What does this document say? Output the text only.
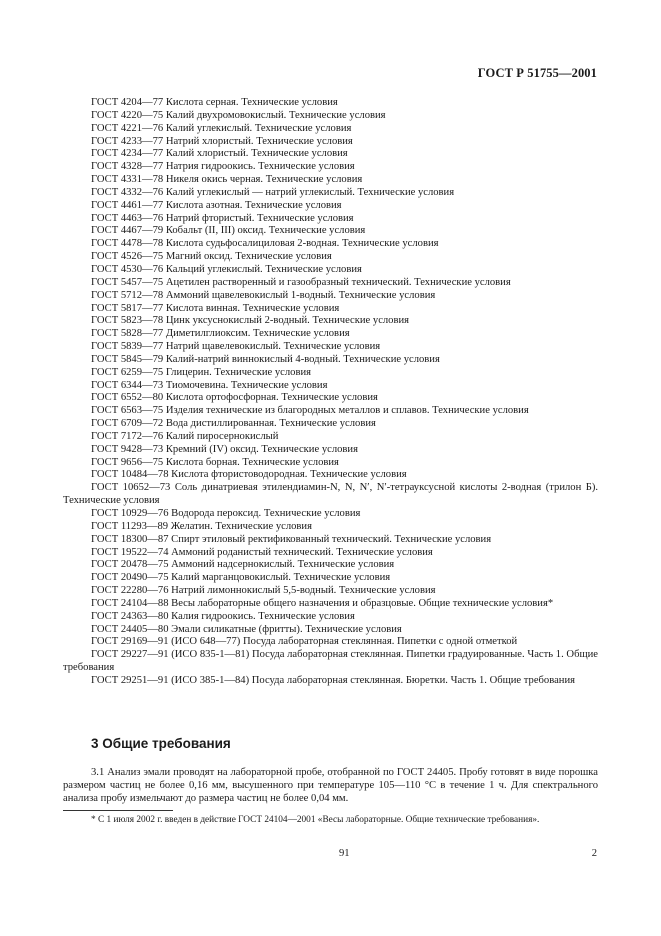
ГОСТ Р 51755—2001

ГОСТ 4204—77 Кислота серная. Технические условия

ГОСТ 4220—75 Калий двухромовокислый. Технические условия

ГОСТ 4221—76 Калий углекислый. Технические условия

ГОСТ 4233—77 Натрий хлористый. Технические условия

ГОСТ 4234—77 Калий хлористый. Технические условия

ГОСТ 4328—77 Натрия гидроокись. Технические условия

ГОСТ 4331—78 Никеля окись черная. Технические условия

ГОСТ 4332—76 Калий углекислый — натрий углекислый. Технические условия

ГОСТ 4461—77 Кислота азотная. Технические условия

ГОСТ 4463—76 Натрий фтористый. Технические условия

ГОСТ 4467—79 Кобальт (II, III) оксид. Технические условия

ГОСТ 4478—78 Кислота судьфосалициловая 2-водная. Технические условия

ГОСТ 4526—75 Магний оксид. Технические условия

ГОСТ 4530—76 Кальций углекислый. Технические условия

ГОСТ 5457—75 Ацетилен растворенный и газообразный технический. Технические условия

ГОСТ 5712—78 Аммоний щавелевокислый 1-водный. Технические условия

ГОСТ 5817—77 Кислота винная. Технические условия

ГОСТ 5823—78 Цинк уксуснокислый 2-водный. Технические условия

ГОСТ 5828—77 Диметилглиоксим. Технические условия

ГОСТ 5839—77 Натрий щавелевокислый. Технические условия

ГОСТ 5845—79 Калий-натрий виннокислый 4-водный. Технические условия

ГОСТ 6259—75 Глицерин. Технические условия

ГОСТ 6344—73 Тиомочевина. Технические условия

ГОСТ 6552—80 Кислота ортофосфорная. Технические условия

ГОСТ 6563—75 Изделия технические из благородных металлов и сплавов. Технические условия

ГОСТ 6709—72 Вода дистиллированная. Технические условия

ГОСТ 7172—76 Калий пиросернокислый

ГОСТ 9428—73 Кремний (IV) оксид. Технические условия

ГОСТ 9656—75 Кислота борная. Технические условия

ГОСТ 10484—78 Кислота фтористоводородная. Технические условия

ГОСТ 10652—73 Соль динатриевая этилендиамин-N, N, N′, N′-тетрауксусной кислоты 2-водная (трилон Б). Технические условия

ГОСТ 10929—76 Водорода пероксид. Технические условия

ГОСТ 11293—89 Желатин. Технические условия

ГОСТ 18300—87 Спирт этиловый ректификованный технический. Технические условия

ГОСТ 19522—74 Аммоний роданистый технический. Технические условия

ГОСТ 20478—75 Аммоний надсернокислый. Технические условия

ГОСТ 20490—75 Калий марганцовокислый. Технические условия

ГОСТ 22280—76 Натрий лимоннокислый 5,5-водный. Технические условия

ГОСТ 24104—88 Весы лабораторные общего назначения и образцовые. Общие технические условия*

ГОСТ 24363—80 Калия гидроокись. Технические условия

ГОСТ 24405—80 Эмали силикатные (фритты). Технические условия

ГОСТ 29169—91 (ИСО 648—77) Посуда лабораторная стеклянная. Пипетки с одной отметкой

ГОСТ 29227—91 (ИСО 835-1—81) Посуда лабораторная стеклянная. Пипетки градуированные. Часть 1. Общие требования

ГОСТ 29251—91 (ИСО 385-1—84) Посуда лабораторная стеклянная. Бюретки. Часть 1. Общие требования

3 Общие требования

3.1 Анализ эмали проводят на лабораторной пробе, отобранной по ГОСТ 24405. Пробу готовят в виде порошка размером частиц не более 0,16 мм, высушенного при температуре 105—110 °С в течение 1 ч. Для спектрального анализа пробу измельчают до размера частиц не более 0,04 мм.

* С 1 июля 2002 г. введен в действие ГОСТ 24104—2001 «Весы лабораторные. Общие технические требования».

91	2
